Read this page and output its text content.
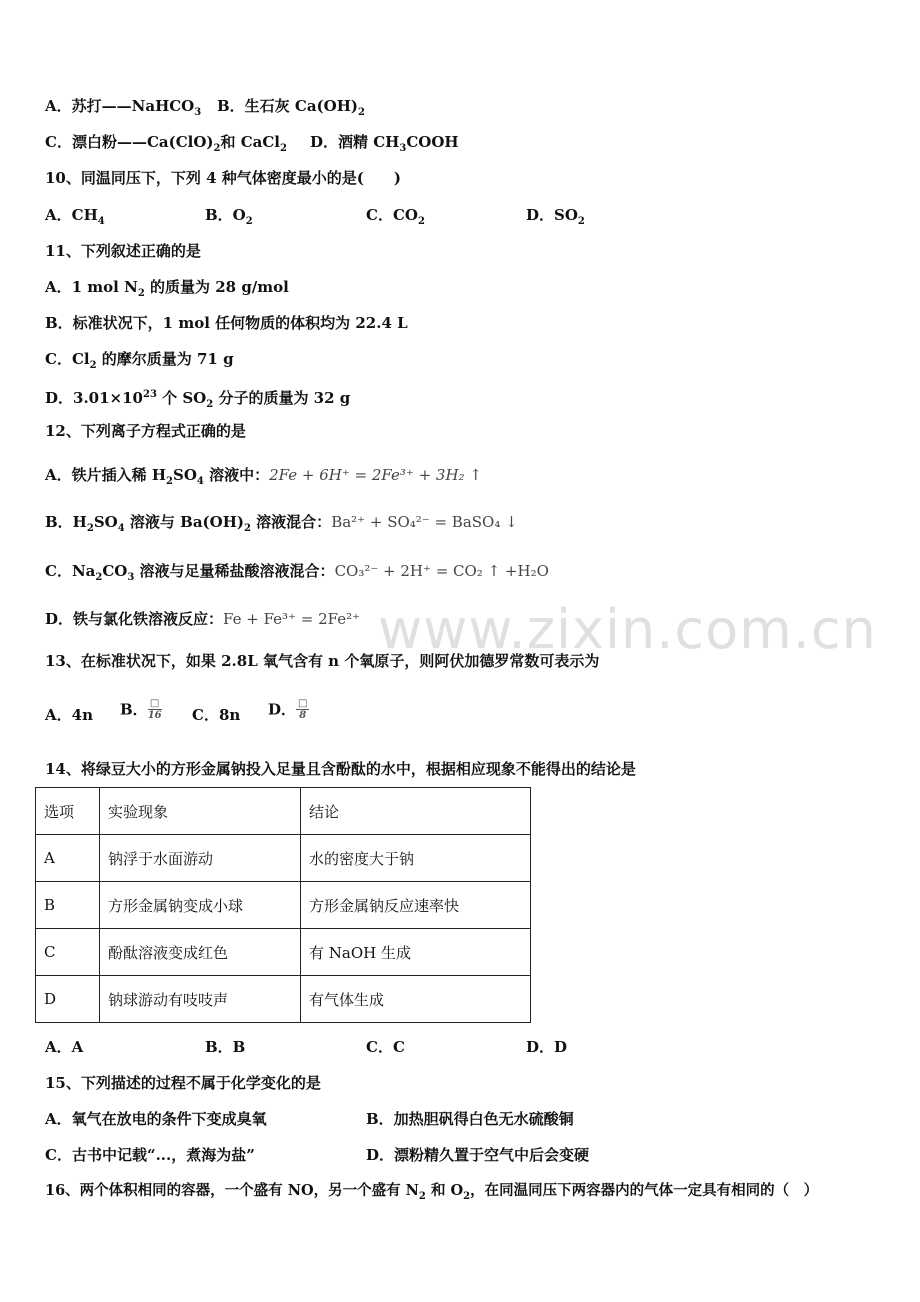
www.zixin.com.cn
A．苏打——NaHCO$_3$ B．生石灰 $Ca(OH)_2$
C．漂白粉$——Ca(ClO)_2$和 CaCl$_2$ D．酒精 $CH_3COOH$
10、同温同压下，下列 4 种气体密度最小的是(　　)
A．$CH_4$	B．$O_2$	C．$CO_2$	D．$SO_2$
11、下列叙述正确的是
A．1 mol $N_2$ 的质量为 28 g/mol
B．标准状况下，1 mol 任何物质的体积均为 22.4 L
C．$Cl_2$ 的摩尔质量为 71 g
D．$3.01\times 10^{23}$ 个 $SO_2$ 分子的质量为 32 g
12、下列离子方程式正确的是
A．铁片插入稀 $H_2SO_4$ 溶液中：2Fe + 6H⁺ = 2Fe³⁺ + 3H₂ ↑
B．$H_2SO_4$ 溶液与 $Ba(OH)_2$ 溶液混合：Ba²⁺ + SO₄²⁻ = BaSO₄ ↓
C．$Na_2CO_3$ 溶液与足量稀盐酸溶液混合：CO₃²⁻ + 2H⁺ = CO₂ ↑ +H₂O
D．铁与氯化铁溶液反应：Fe + Fe³⁺ = 2Fe²⁺
13、在标准状况下，如果 2.8L 氧气含有 n 个氧原子，则阿伏加德罗常数可表示为
A．4n B． $\frac{□}{16}$ C．8n D． $\frac{□}{8}$
14、将绿豆大小的方形金属钠投入足量且含酚酞的水中，根据相应现象不能得出的结论是
选项	实验现象	结论
A	钠浮于水面游动	水的密度大于钠
B	方形金属钠变成小球	方形金属钠反应速率快
C	酚酞溶液变成红色	有 NaOH 生成
D	钠球游动有吱吱声	有气体生成
A．A	B．B	C．C	D．D
15、下列描述的过程不属于化学变化的是
A．氧气在放电的条件下变成臭氧	B．加热胆矾得白色无水硫酸铜
C．古书中记载“...，煮海为盐”	D．漂粉精久置于空气中后会变硬
16、两个体积相同的容器，一个盛有 NO，另一个盛有 $N_2$ 和 $O_2$，在同温同压下两容器内的气体一定具有相同的（　）
